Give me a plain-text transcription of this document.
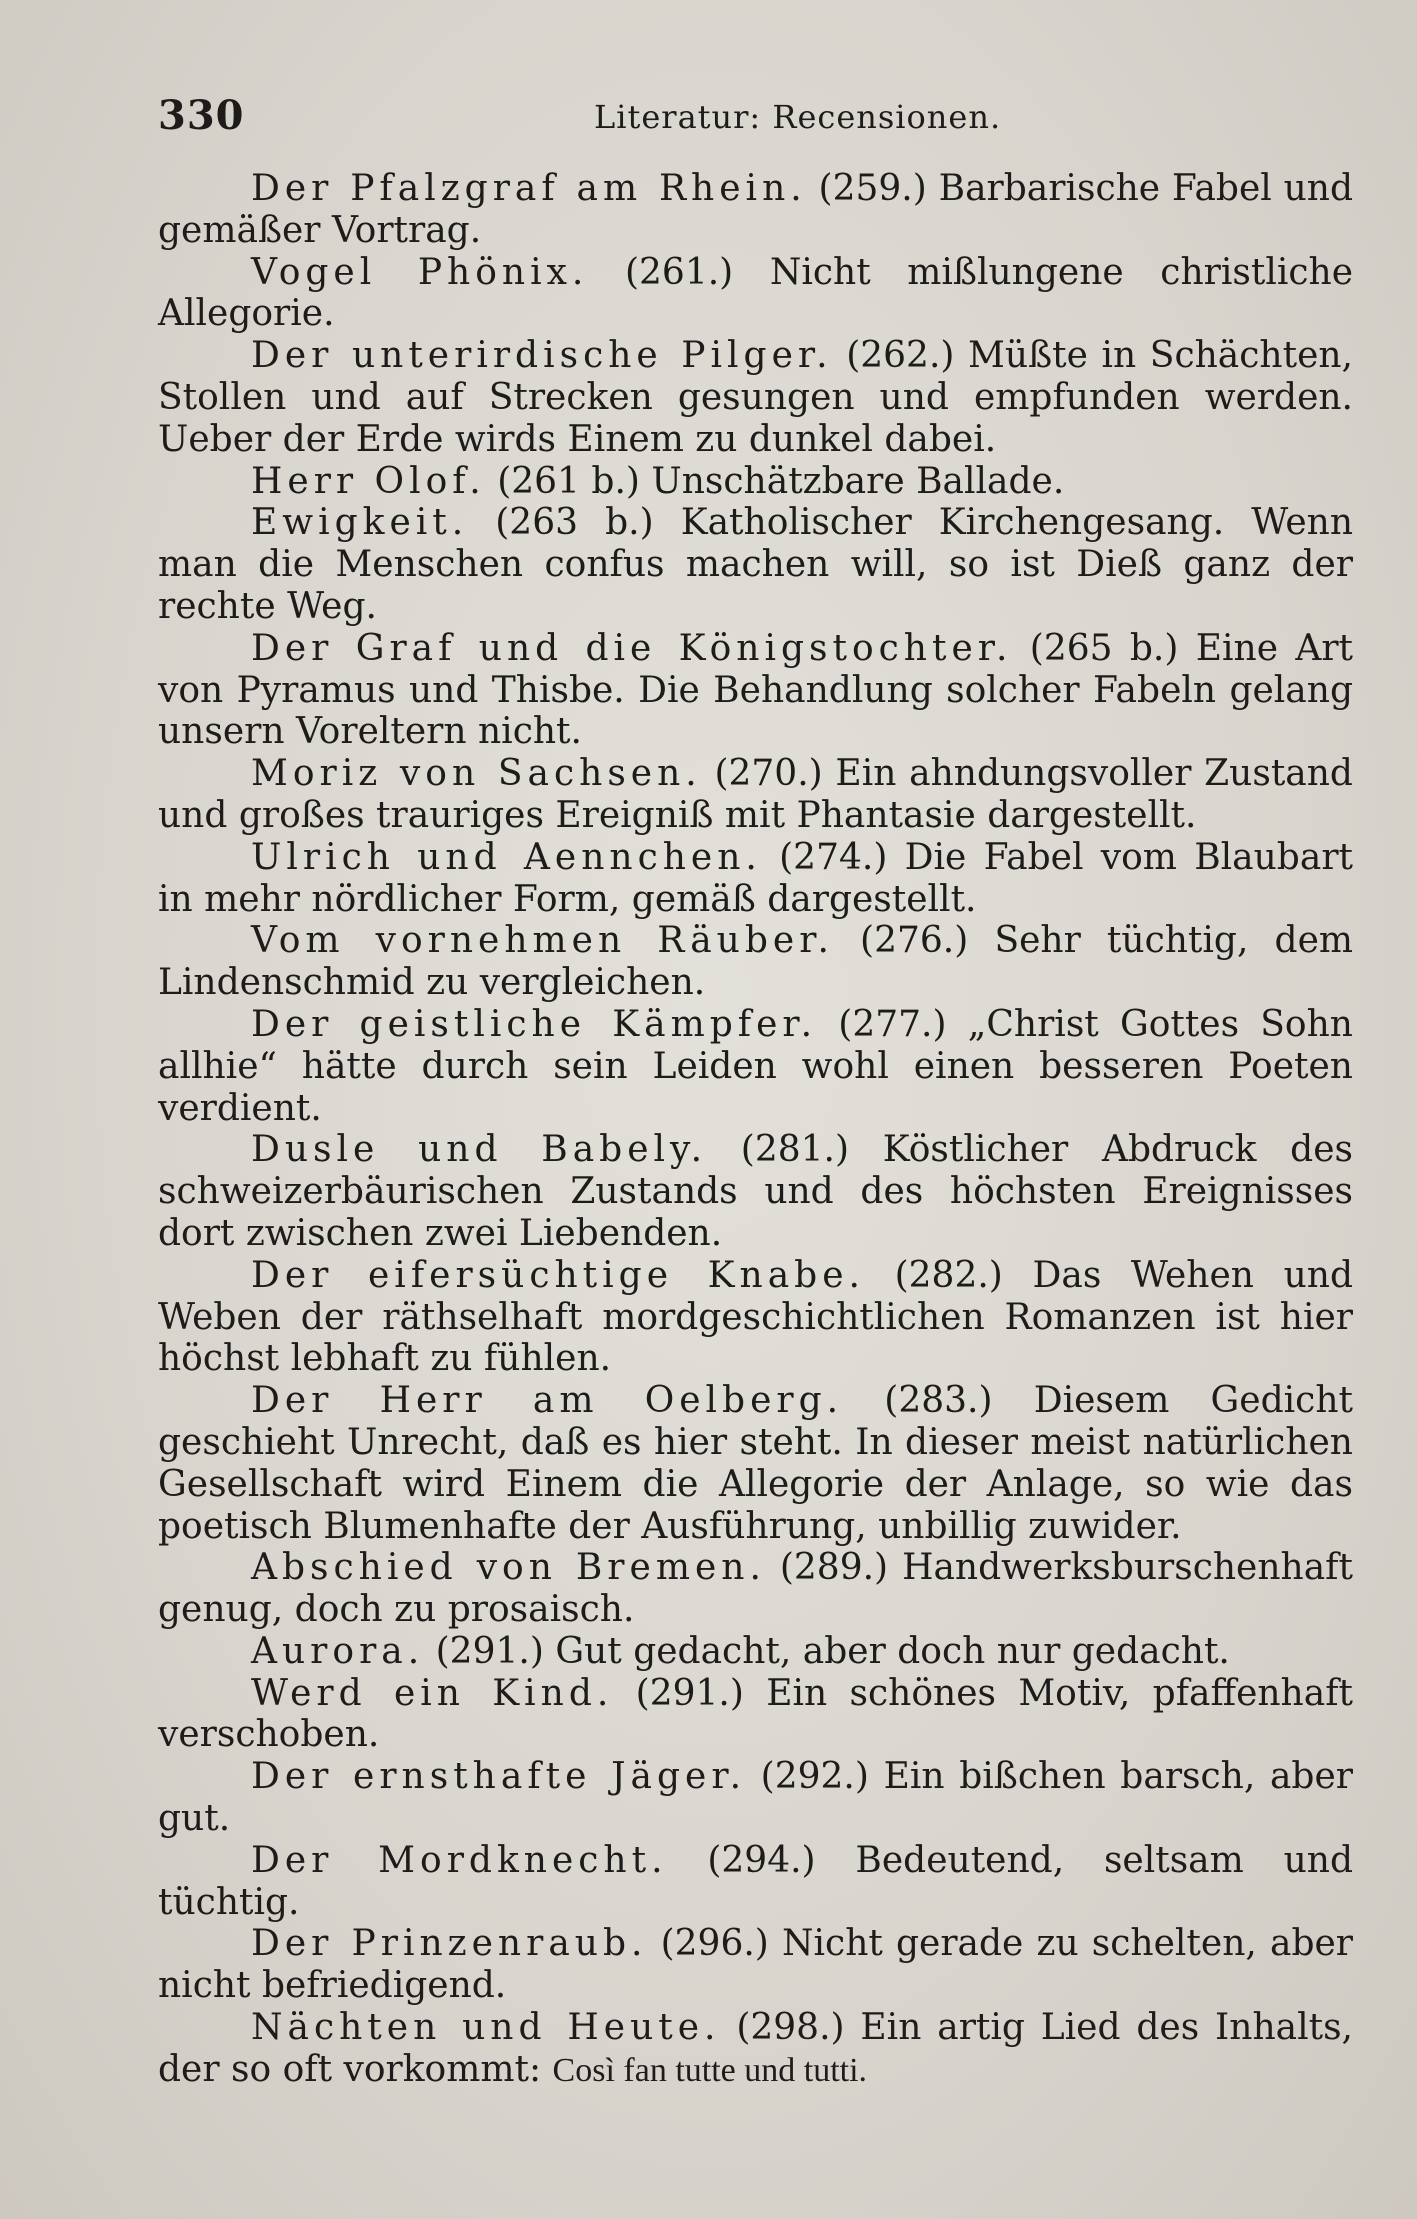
330	Literatur: Recensionen.

Der Pfalzgraf am Rhein. (259.) Barbarische Fabel und gemäßer Vortrag.

Vogel Phönix. (261.) Nicht mißlungene christliche Allegorie.

Der unterirdische Pilger. (262.) Müßte in Schächten, Stollen und auf Strecken gesungen und empfunden werden. Ueber der Erde wirds Einem zu dunkel dabei.

Herr Olof. (261 b.) Unschätzbare Ballade.

Ewigkeit. (263 b.) Katholischer Kirchengesang. Wenn man die Menschen confus machen will, so ist Dieß ganz der rechte Weg.

Der Graf und die Königstochter. (265 b.) Eine Art von Pyramus und Thisbe. Die Behandlung solcher Fabeln gelang unsern Voreltern nicht.

Moriz von Sachsen. (270.) Ein ahndungsvoller Zustand und großes trauriges Ereigniß mit Phantasie dargestellt.

Ulrich und Aennchen. (274.) Die Fabel vom Blaubart in mehr nördlicher Form, gemäß dargestellt.

Vom vornehmen Räuber. (276.) Sehr tüchtig, dem Lindenschmid zu vergleichen.

Der geistliche Kämpfer. (277.) „Christ Gottes Sohn allhie“ hätte durch sein Leiden wohl einen besseren Poeten verdient.

Dusle und Babely. (281.) Köstlicher Abdruck des schweizerbäurischen Zustands und des höchsten Ereignisses dort zwischen zwei Liebenden.

Der eifersüchtige Knabe. (282.) Das Wehen und Weben der räthselhaft mordgeschichtlichen Romanzen ist hier höchst lebhaft zu fühlen.

Der Herr am Oelberg. (283.) Diesem Gedicht geschieht Unrecht, daß es hier steht. In dieser meist natürlichen Gesellschaft wird Einem die Allegorie der Anlage, so wie das poetisch Blumenhafte der Ausführung, unbillig zuwider.

Abschied von Bremen. (289.) Handwerksburschenhaft genug, doch zu prosaisch.

Aurora. (291.) Gut gedacht, aber doch nur gedacht.

Werd ein Kind. (291.) Ein schönes Motiv, pfaffenhaft verschoben.

Der ernsthafte Jäger. (292.) Ein bißchen barsch, aber gut.

Der Mordknecht. (294.) Bedeutend, seltsam und tüchtig.

Der Prinzenraub. (296.) Nicht gerade zu schelten, aber nicht befriedigend.

Nächten und Heute. (298.) Ein artig Lied des Inhalts, der so oft vorkommt: Così fan tutte und tutti.
